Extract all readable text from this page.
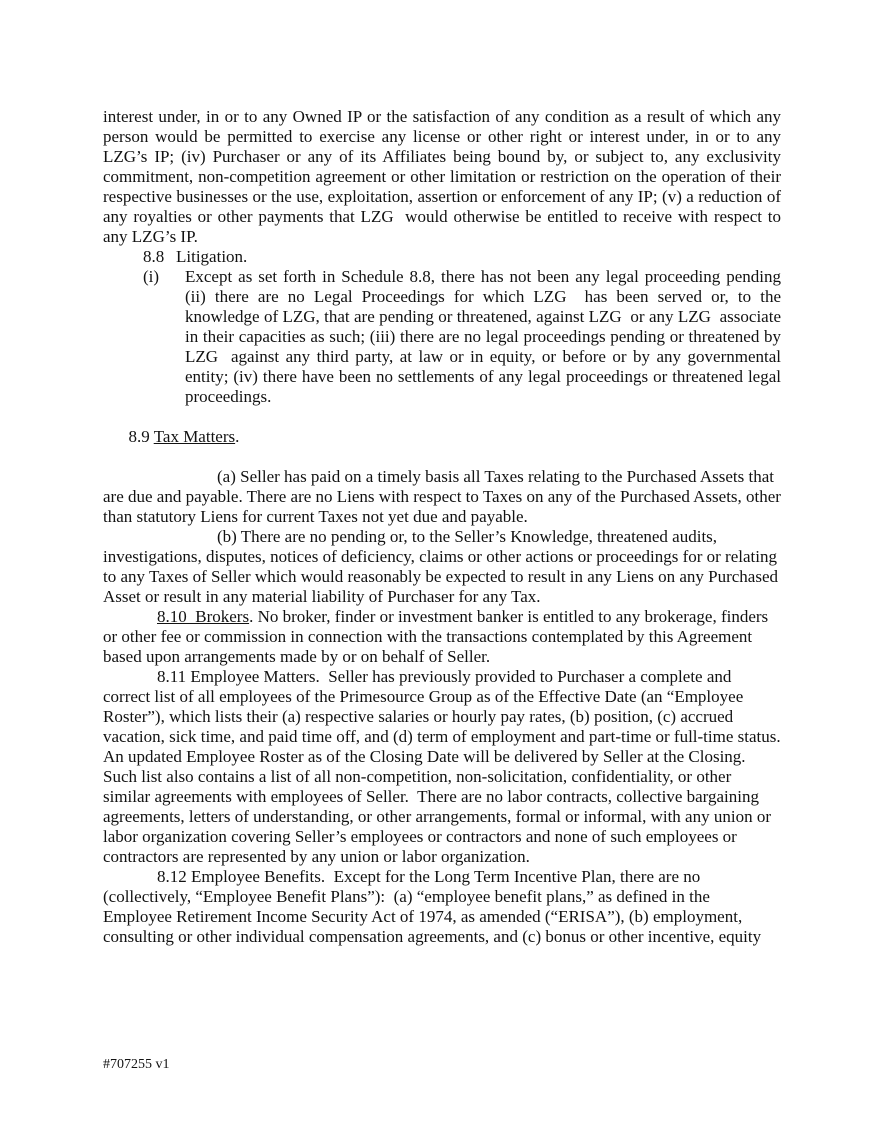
interest under, in or to any Owned IP or the satisfaction of any condition as a result of which any person would be permitted to exercise any license or other right or interest under, in or to any LZG’s IP; (iv) Purchaser or any of its Affiliates being bound by, or subject to, any exclusivity commitment, non-competition agreement or other limitation or restriction on the operation of their respective businesses or the use, exploitation, assertion or enforcement of any IP; (v) a reduction of any royalties or other payments that LZG  would otherwise be entitled to receive with respect to any LZG’s IP.

8.8 Litigation.
(i)	Except as set forth in Schedule 8.8, there has not been any legal proceeding pending (ii) there are no Legal Proceedings for which LZG  has been served or, to the knowledge of LZG, that are pending or threatened, against LZG  or any LZG  associate in their capacities as such; (iii) there are no legal proceedings pending or threatened by LZG  against any third party, at law or in equity, or before or by any governmental entity; (iv) there have been no settlements of any legal proceedings or threatened legal proceedings.

8.9 Tax Matters.

(a) Seller has paid on a timely basis all Taxes relating to the Purchased Assets that are due and payable. There are no Liens with respect to Taxes on any of the Purchased Assets, other than statutory Liens for current Taxes not yet due and payable.

(b) There are no pending or, to the Seller’s Knowledge, threatened audits, investigations, disputes, notices of deficiency, claims or other actions or proceedings for or relating to any Taxes of Seller which would reasonably be expected to result in any Liens on any Purchased Asset or result in any material liability of Purchaser for any Tax.

8.10  Brokers. No broker, finder or investment banker is entitled to any brokerage, finders or other fee or commission in connection with the transactions contemplated by this Agreement based upon arrangements made by or on behalf of Seller.

8.11 Employee Matters.  Seller has previously provided to Purchaser a complete and correct list of all employees of the Primesource Group as of the Effective Date (an “Employee Roster”), which lists their (a) respective salaries or hourly pay rates, (b) position, (c) accrued vacation, sick time, and paid time off, and (d) term of employment and part-time or full-time status.  An updated Employee Roster as of the Closing Date will be delivered by Seller at the Closing.  Such list also contains a list of all non-competition, non-solicitation, confidentiality, or other similar agreements with employees of Seller.  There are no labor contracts, collective bargaining agreements, letters of understanding, or other arrangements, formal or informal, with any union or labor organization covering Seller’s employees or contractors and none of such employees or contractors are represented by any union or labor organization.

8.12 Employee Benefits.  Except for the Long Term Incentive Plan, there are no (collectively, “Employee Benefit Plans”):  (a) “employee benefit plans,” as defined in the Employee Retirement Income Security Act of 1974, as amended (“ERISA”), (b) employment, consulting or other individual compensation agreements, and (c) bonus or other incentive, equity

#707255 v1
